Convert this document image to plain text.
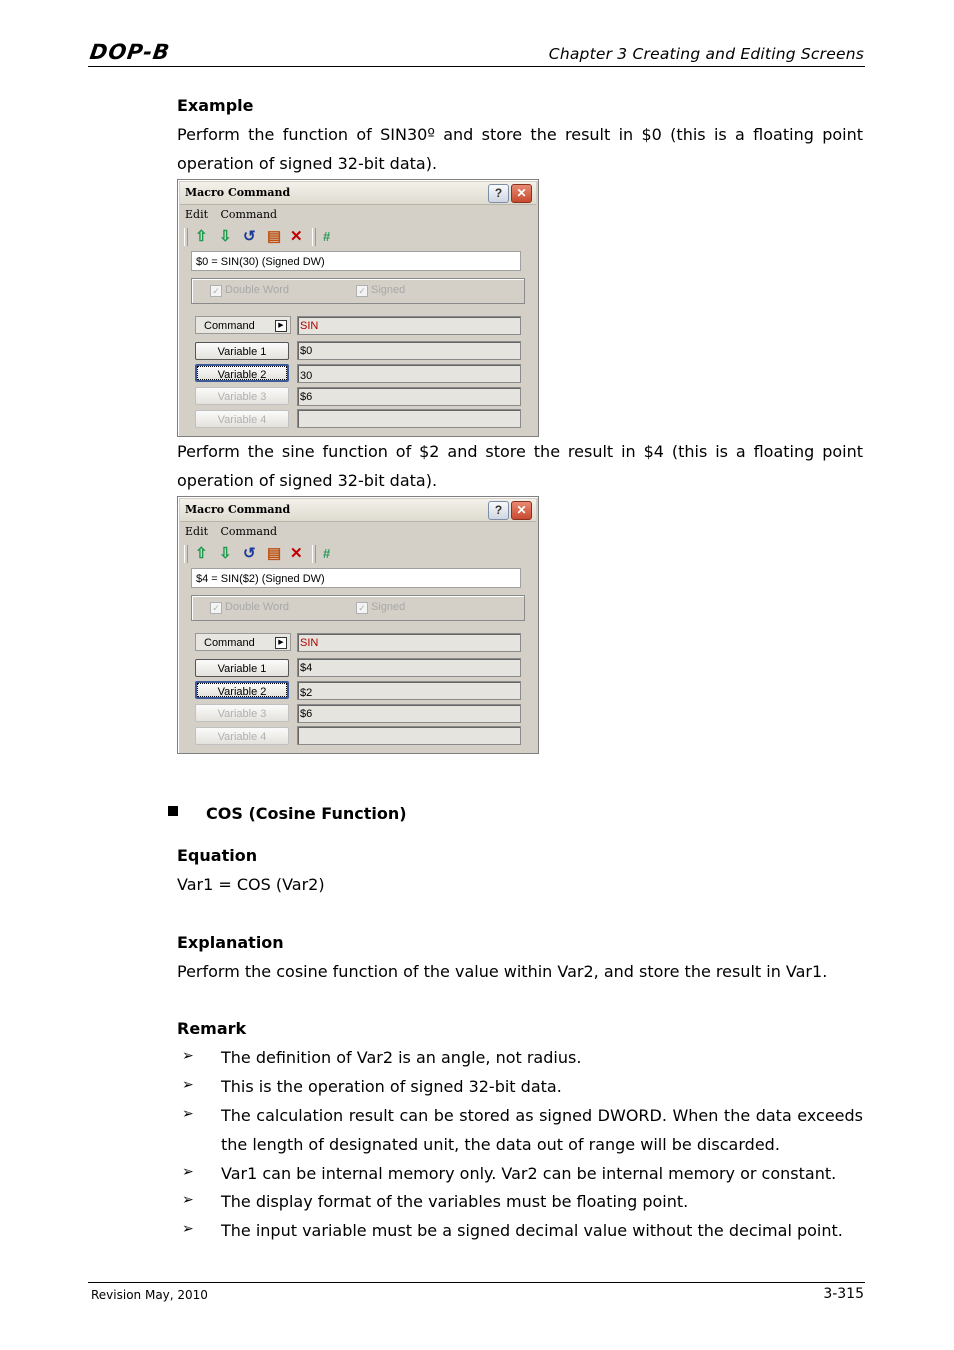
DOP-B	Chapter 3 Creating and Editing Screens
Example
Perform the function of SIN30º and store the result in $0 (this is a floating point
operation of signed 32-bit data).
Macro Command	?	✕
Edit Command
⇧ ⇩ ↺ ▤ ✕ #
$0 = SIN(30) (Signed DW)
✓ Double Word	✓ Signed
Command	▶	SIN
Variable 1	$0
Variable 2	30
Variable 3	$6
Variable 4
Perform the sine function of $2 and store the result in $4 (this is a floating point
operation of signed 32-bit data).
Macro Command	?	✕
Edit Command
⇧ ⇩ ↺ ▤ ✕ #
$4 = SIN($2) (Signed DW)
✓ Double Word	✓ Signed
Command	▶	SIN
Variable 1	$4
Variable 2	$2
Variable 3	$6
Variable 4
COS (Cosine Function)
Equation
Var1 = COS (Var2)
Explanation
Perform the cosine function of the value within Var2, and store the result in Var1.
Remark
➢ The definition of Var2 is an angle, not radius.
➢ This is the operation of signed 32-bit data.
➢ The calculation result can be stored as signed DWORD. When the data exceeds
the length of designated unit, the data out of range will be discarded.
➢ Var1 can be internal memory only. Var2 can be internal memory or constant.
➢ The display format of the variables must be floating point.
➢ The input variable must be a signed decimal value without the decimal point.
Revision May, 2010	3-315
